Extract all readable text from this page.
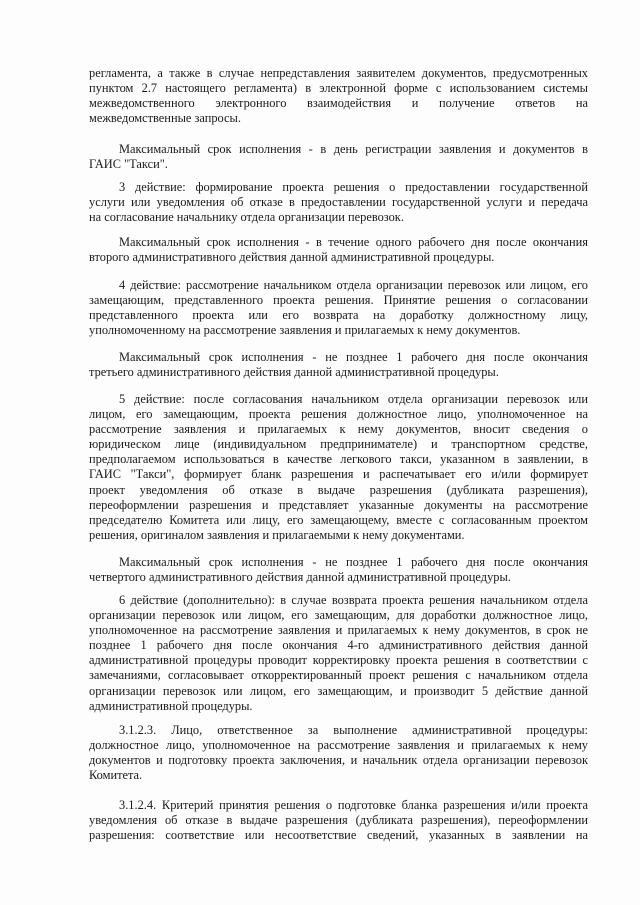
регламента, а также в случае непредставления заявителем документов, предусмотренных
пунктом 2.7 настоящего регламента) в электронной форме с использованием системы
межведомственного электронного взаимодействия и получение ответов на
межведомственные запросы.
Максимальный срок исполнения - в день регистрации заявления и документов в
ГАИС "Такси".
3 действие: формирование проекта решения о предоставлении государственной
услуги или уведомления об отказе в предоставлении государственной услуги и передача
на согласование начальнику отдела организации перевозок.
Максимальный срок исполнения - в течение одного рабочего дня после окончания
второго административного действия данной административной процедуры.
4 действие: рассмотрение начальником отдела организации перевозок или лицом, его
замещающим, представленного проекта решения. Принятие решения о согласовании
представленного проекта или его возврата на доработку должностному лицу,
уполномоченному на рассмотрение заявления и прилагаемых к нему документов.
Максимальный срок исполнения - не позднее 1 рабочего дня после окончания
третьего административного действия данной административной процедуры.
5 действие: после согласования начальником отдела организации перевозок или
лицом, его замещающим, проекта решения должностное лицо, уполномоченное на
рассмотрение заявления и прилагаемых к нему документов, вносит сведения о
юридическом лице (индивидуальном предпринимателе) и транспортном средстве,
предполагаемом использоваться в качестве легкового такси, указанном в заявлении, в
ГАИС "Такси", формирует бланк разрешения и распечатывает его и/или формирует
проект уведомления об отказе в выдаче разрешения (дубликата разрешения),
переоформлении разрешения и представляет указанные документы на рассмотрение
председателю Комитета или лицу, его замещающему, вместе с согласованным проектом
решения, оригиналом заявления и прилагаемыми к нему документами.
Максимальный срок исполнения - не позднее 1 рабочего дня после окончания
четвертого административного действия данной административной процедуры.
6 действие (дополнительно): в случае возврата проекта решения начальником отдела
организации перевозок или лицом, его замещающим, для доработки должностное лицо,
уполномоченное на рассмотрение заявления и прилагаемых к нему документов, в срок не
позднее 1 рабочего дня после окончания 4-го административного действия данной
административной процедуры проводит корректировку проекта решения в соответствии с
замечаниями, согласовывает откорректированный проект решения с начальником отдела
организации перевозок или лицом, его замещающим, и производит 5 действие данной
административной процедуры.
3.1.2.3. Лицо, ответственное за выполнение административной процедуры:
должностное лицо, уполномоченное на рассмотрение заявления и прилагаемых к нему
документов и подготовку проекта заключения, и начальник отдела организации перевозок
Комитета.
3.1.2.4. Критерий принятия решения о подготовке бланка разрешения и/или проекта
уведомления об отказе в выдаче разрешения (дубликата разрешения), переоформлении
разрешения: соответствие или несоответствие сведений, указанных в заявлении на
